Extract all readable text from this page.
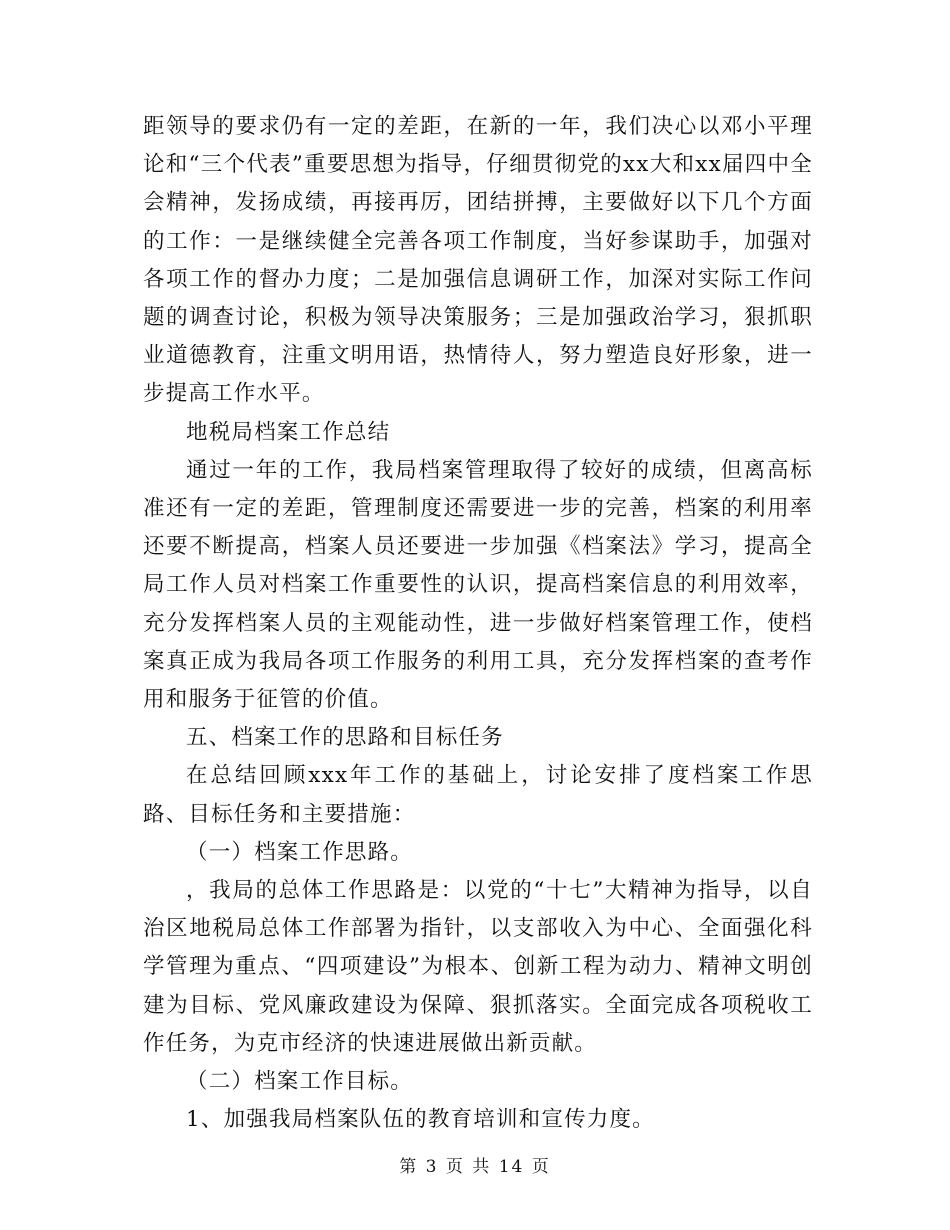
距领导的要求仍有一定的差距，在新的一年，我们决心以邓小平理论和“三个代表”重要思想为指导，仔细贯彻党的xx大和xx届四中全会精神，发扬成绩，再接再厉，团结拼搏，主要做好以下几个方面的工作：一是继续健全完善各项工作制度，当好参谋助手，加强对各项工作的督办力度；二是加强信息调研工作，加深对实际工作问题的调查讨论，积极为领导决策服务；三是加强政治学习，狠抓职业道德教育，注重文明用语，热情待人，努力塑造良好形象，进一步提高工作水平。

地税局档案工作总结

通过一年的工作，我局档案管理取得了较好的成绩，但离高标准还有一定的差距，管理制度还需要进一步的完善，档案的利用率还要不断提高，档案人员还要进一步加强《档案法》学习，提高全局工作人员对档案工作重要性的认识，提高档案信息的利用效率，充分发挥档案人员的主观能动性，进一步做好档案管理工作，使档案真正成为我局各项工作服务的利用工具，充分发挥档案的查考作用和服务于征管的价值。

五、档案工作的思路和目标任务

在总结回顾xxx年工作的基础上，讨论安排了度档案工作思路、目标任务和主要措施：

（一）档案工作思路。

，我局的总体工作思路是：以党的“十七”大精神为指导，以自治区地税局总体工作部署为指针，以支部收入为中心、全面强化科学管理为重点、“四项建设”为根本、创新工程为动力、精神文明创建为目标、党风廉政建设为保障、狠抓落实。全面完成各项税收工作任务，为克市经济的快速进展做出新贡献。

（二）档案工作目标。

1、加强我局档案队伍的教育培训和宣传力度。

第 3 页 共 14 页
